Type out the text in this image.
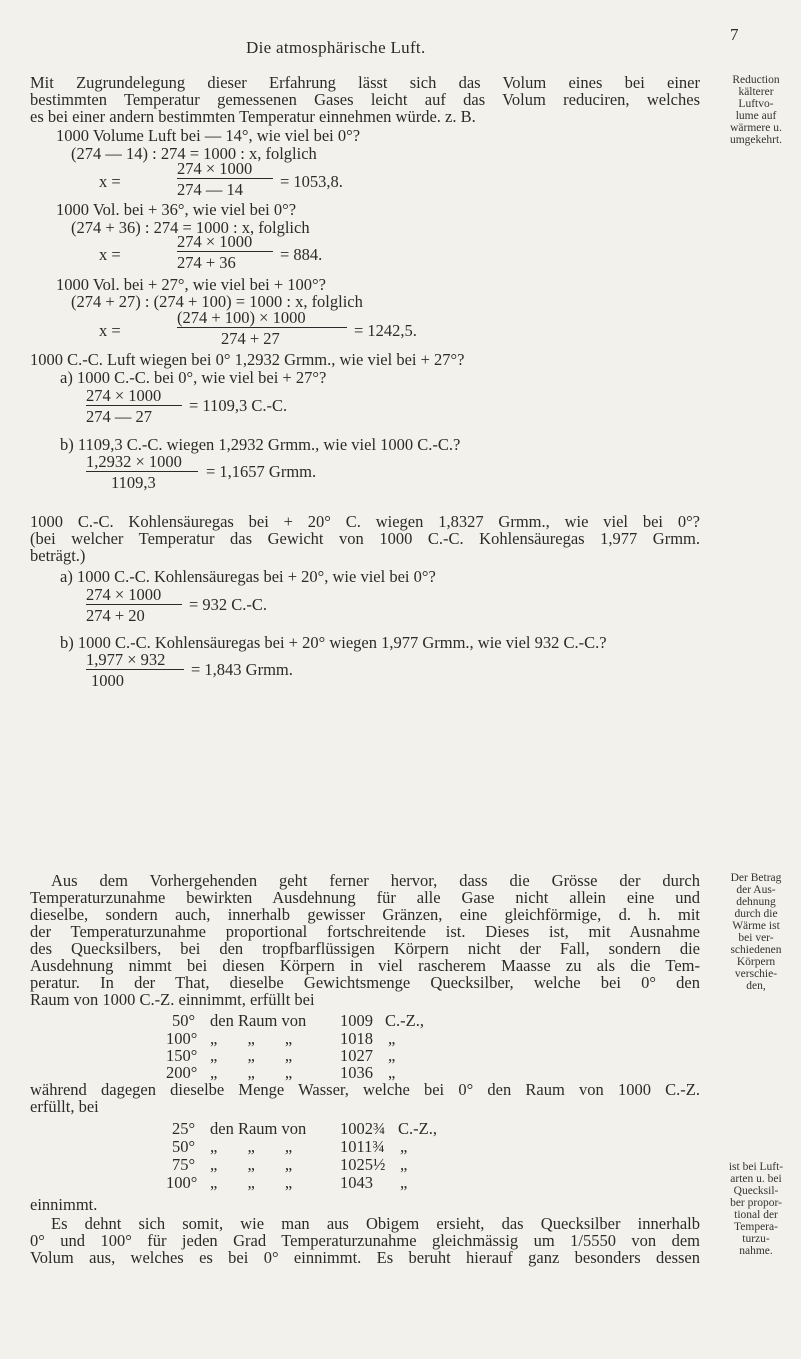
Die atmosphärische Luft.
7
Reduction
kälterer
Luftvo-
lume auf
wärmere u.
umgekehrt.
Der Betrag
der Aus-
dehnung
durch die
Wärme ist
bei ver-
schiedenen
Körpern
verschie-
den,
ist bei Luft-
arten u. bei
Quecksil-
ber propor-
tional der
Tempera-
turzu-
nahme.
Mit Zugrundelegung dieser Erfahrung lässt sich das Volum eines bei einer
bestimmten Temperatur gemessenen Gases leicht auf das Volum reduciren, welches
es bei einer andern bestimmten Temperatur einnehmen würde. z. B.
1000 Volume Luft bei — 14°, wie viel bei 0°?
(274 — 14) : 274 = 1000 : x, folglich
x =
274 × 1000
274 — 14 = 1053,8.
1000 Vol. bei + 36°, wie viel bei 0°?
(274 + 36) : 274 = 1000 : x, folglich
x =
274 × 1000
274 + 36	= 884.
1000 Vol. bei + 27°, wie viel bei + 100°?
(274 + 27) : (274 + 100) = 1000 : x, folglich
x =
(274 + 100) × 1000
274 + 27	= 1242,5.
1000 C.-C. Luft wiegen bei 0° 1,2932 Grmm., wie viel bei + 27°?
a) 1000 C.-C. bei 0°, wie viel bei + 27°?
274 × 1000
274 — 27
= 1109,3 C.-C.
b) 1109,3 C.-C. wiegen 1,2932 Grmm., wie viel 1000 C.-C.?
1,2932 × 1000
1109,3
= 1,1657 Grmm.
1000 C.-C. Kohlensäuregas bei + 20° C. wiegen 1,8327 Grmm., wie viel bei 0°?
(bei welcher Temperatur das Gewicht von 1000 C.-C. Kohlensäuregas 1,977 Grmm.
beträgt.)
a) 1000 C.-C. Kohlensäuregas bei + 20°, wie viel bei 0°?
274 × 1000
274 + 20
= 932 C.-C.
b) 1000 C.-C. Kohlensäuregas bei + 20° wiegen 1,977 Grmm., wie viel 932 C.-C.?
1,977 × 932
1000
= 1,843 Grmm.
Aus dem Vorhergehenden geht ferner hervor, dass die Grösse der durch
Temperaturzunahme bewirkten Ausdehnung für alle Gase nicht allein eine und
dieselbe, sondern auch, innerhalb gewisser Gränzen, eine gleichförmige, d. h. mit
der Temperaturzunahme proportional fortschreitende ist. Dieses ist, mit Ausnahme
des Quecksilbers, bei den tropfbarflüssigen Körpern nicht der Fall, sondern die
Ausdehnung nimmt bei diesen Körpern in viel rascherem Maasse zu als die Tem-
peratur. In der That, dieselbe Gewichtsmenge Quecksilber, welche bei 0° den
Raum von 1000 C.-Z. einnimmt, erfüllt bei
50° den Raum von 1009 C.-Z.,
100° „ „ „	1018 „
150° „ „ „	1027 „
200° „ „ „	1036 „
während dagegen dieselbe Menge Wasser, welche bei 0° den Raum von 1000 C.-Z.
erfüllt, bei
25° den Raum von 1002¾ C.-Z.,
50° „ „ „	1011¾ „
75° „ „ „	1025½ „
100° „ „ „	1043 „
einnimmt.
Es dehnt sich somit, wie man aus Obigem ersieht, das Quecksilber innerhalb
0° und 100° für jeden Grad Temperaturzunahme gleichmässig um 1/5550 von dem
Volum aus, welches es bei 0° einnimmt. Es beruht hierauf ganz besonders dessen
